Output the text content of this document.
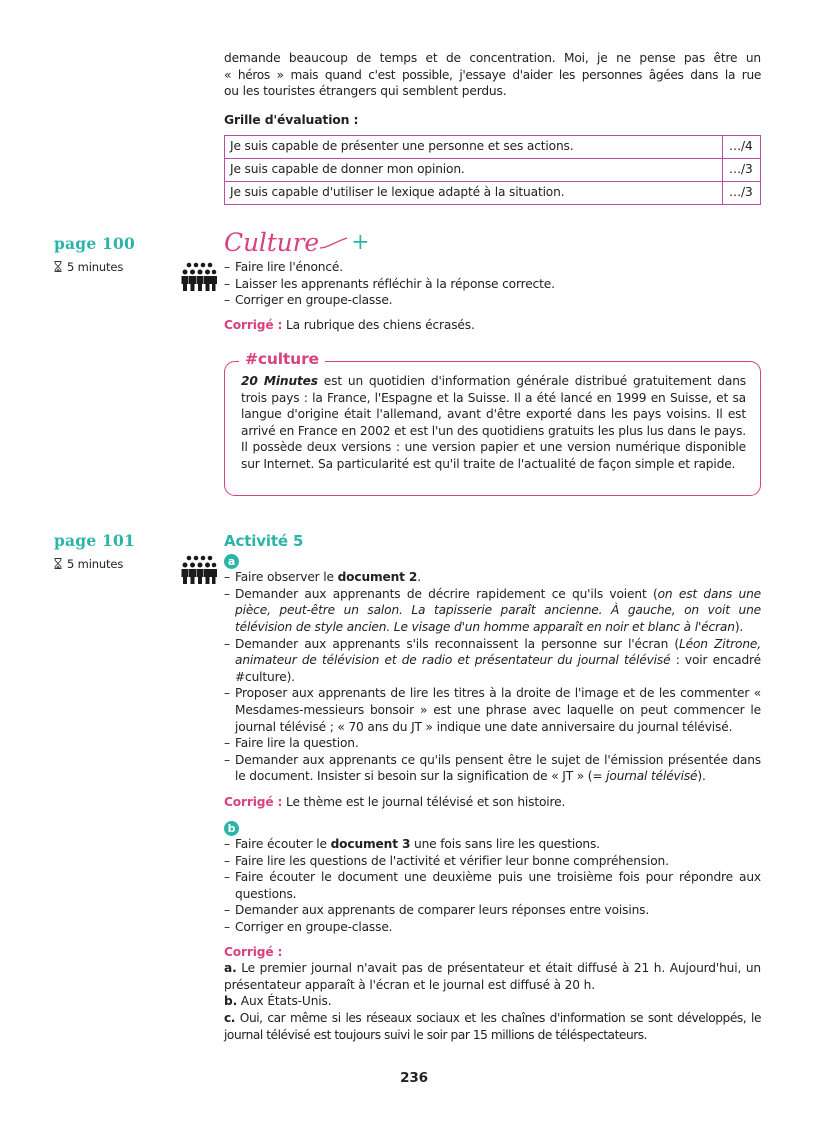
demande beaucoup de temps et de concentration. Moi, je ne pense pas être un

« héros » mais quand c'est possible, j'essaye d'aider les personnes âgées dans la rue

ou les touristes étrangers qui semblent perdus.

Grille d'évaluation :
Je suis capable de présenter une personne et ses actions.	…/4
Je suis capable de donner mon opinion.	…/3
Je suis capable d'utiliser le lexique adapté à la situation.	…/3
page 100
5 minutes
Culture +
– Faire lire l'énoncé.
– Laisser les apprenants réfléchir à la réponse correcte.
– Corriger en groupe-classe.

Corrigé : La rubrique des chiens écrasés.

#culture

20 Minutes est un quotidien d'information générale distribué gratuitement dans trois pays : la France, l'Espagne et la Suisse. Il a été lancé en 1999 en Suisse, et sa langue d'origine était l'allemand, avant d'être exporté dans les pays voisins. Il est arrivé en France en 2002 et est l'un des quotidiens gratuits les plus lus dans le pays. Il possède deux versions : une version papier et une version numérique disponible sur Internet. Sa particularité est qu'il traite de l'actualité de façon simple et rapide.

page 101
5 minutes
Activité 5
a
– Faire observer le document 2.
– Demander aux apprenants de décrire rapidement ce qu'ils voient (on est dans une pièce, peut-être un salon. La tapisserie paraît ancienne. À gauche, on voit une télévision de style ancien. Le visage d'un homme apparaît en noir et blanc à l'écran).
– Demander aux apprenants s'ils reconnaissent la personne sur l'écran (Léon Zitrone, animateur de télévision et de radio et présentateur du journal télévisé : voir encadré #culture).
– Proposer aux apprenants de lire les titres à la droite de l'image et de les commenter « Mesdames-messieurs bonsoir » est une phrase avec laquelle on peut commencer le journal télévisé ; « 70 ans du JT » indique une date anniversaire du journal télévisé.
– Faire lire la question.
– Demander aux apprenants ce qu'ils pensent être le sujet de l'émission présentée dans le document. Insister si besoin sur la signification de « JT » (= journal télévisé).

Corrigé : Le thème est le journal télévisé et son histoire.

b
– Faire écouter le document 3 une fois sans lire les questions.
– Faire lire les questions de l'activité et vérifier leur bonne compréhension.
– Faire écouter le document une deuxième puis une troisième fois pour répondre aux questions.
– Demander aux apprenants de comparer leurs réponses entre voisins.
– Corriger en groupe-classe.
Corrigé :

a. Le premier journal n'avait pas de présentateur et était diffusé à 21 h. Aujourd'hui, un présentateur apparaît à l'écran et le journal est diffusé à 20 h.

b. Aux États-Unis.

c. Oui, car même si les réseaux sociaux et les chaînes d'information se sont développés, le journal télévisé est toujours suivi le soir par 15 millions de téléspectateurs.

236
